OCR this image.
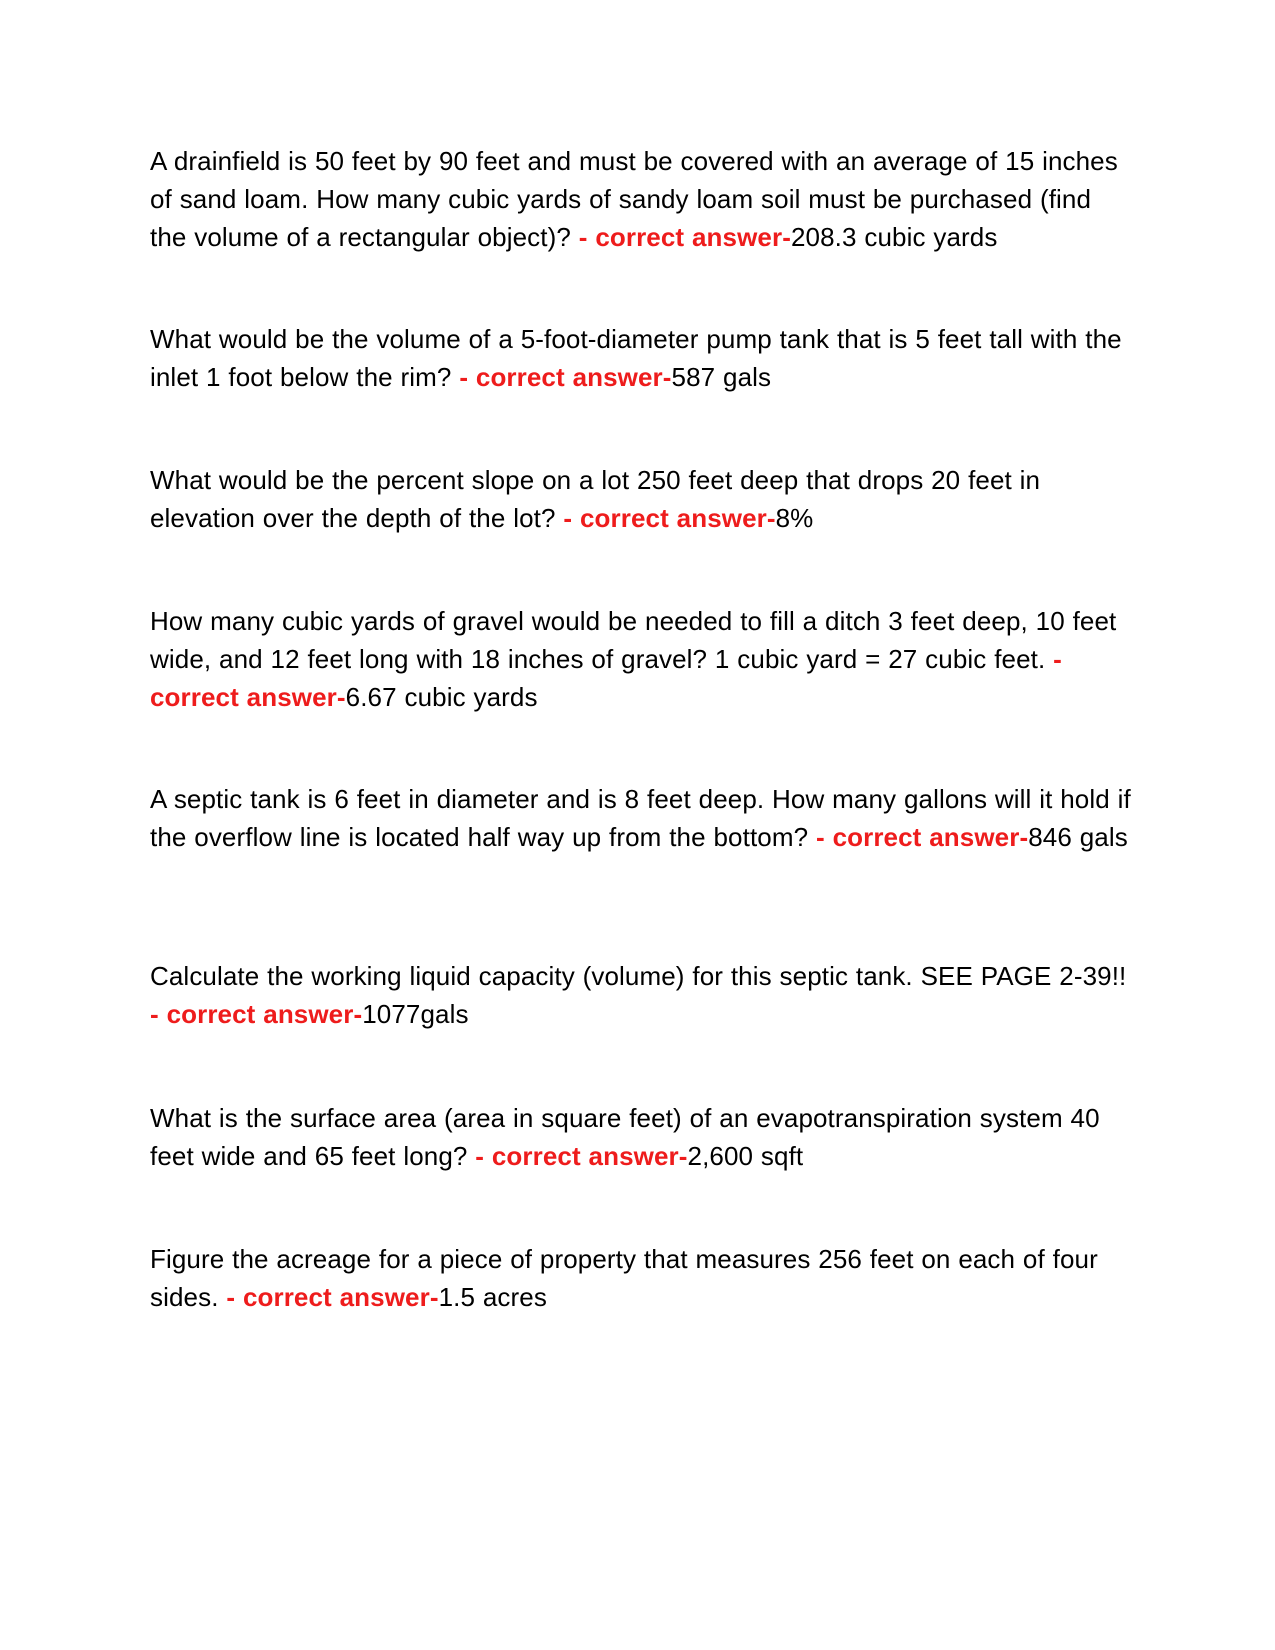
A drainfield is 50 feet by 90 feet and must be covered with an average of 15 inches of sand loam. How many cubic yards of sandy loam soil must be purchased (find the volume of a rectangular object)? - correct answer-208.3 cubic yards

What would be the volume of a 5-foot-diameter pump tank that is 5 feet tall with the inlet 1 foot below the rim? - correct answer-587 gals

What would be the percent slope on a lot 250 feet deep that drops 20 feet in elevation over the depth of the lot? - correct answer-8%

How many cubic yards of gravel would be needed to fill a ditch 3 feet deep, 10 feet wide, and 12 feet long with 18 inches of gravel? 1 cubic yard = 27 cubic feet. - correct answer-6.67 cubic yards

A septic tank is 6 feet in diameter and is 8 feet deep. How many gallons will it hold if the overflow line is located half way up from the bottom? - correct answer-846 gals

Calculate the working liquid capacity (volume) for this septic tank. SEE PAGE 2-39!! - correct answer-1077gals

What is the surface area (area in square feet) of an evapotranspiration system 40 feet wide and 65 feet long? - correct answer-2,600 sqft

Figure the acreage for a piece of property that measures 256 feet on each of four sides. - correct answer-1.5 acres
